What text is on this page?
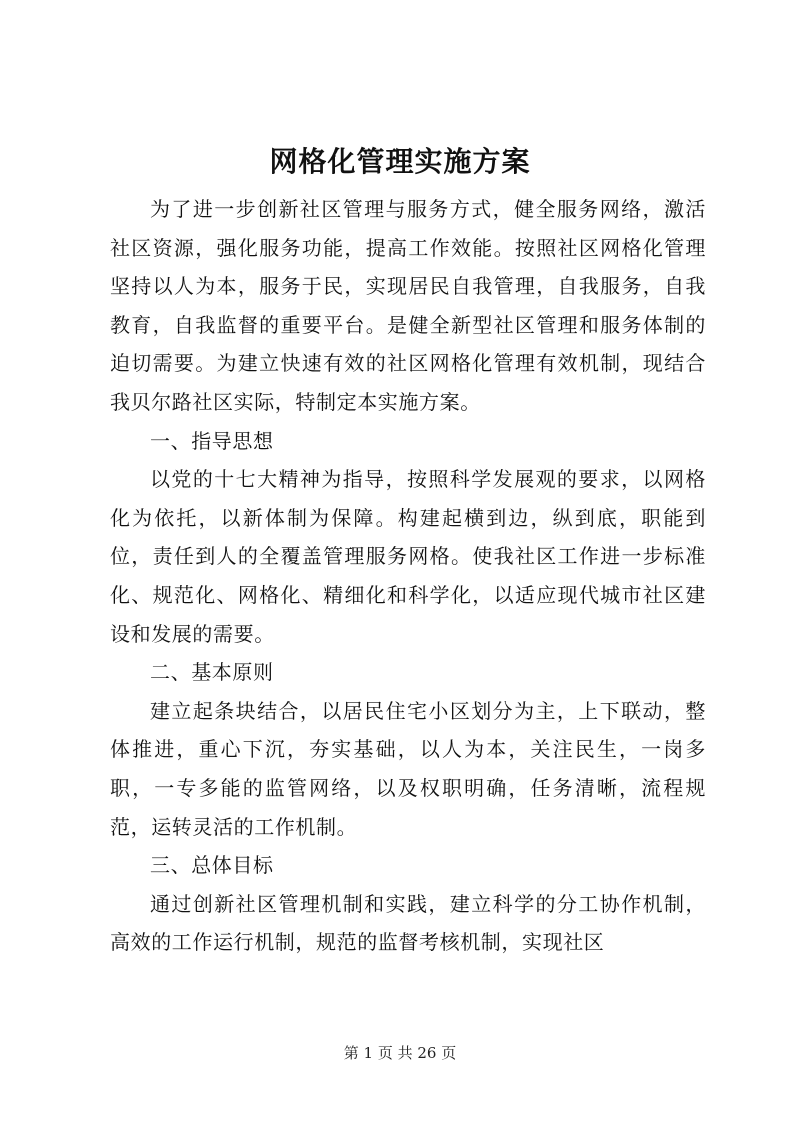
网格化管理实施方案

为了进一步创新社区管理与服务方式，健全服务网络，激活社区资源，强化服务功能，提高工作效能。按照社区网格化管理坚持以人为本，服务于民，实现居民自我管理，自我服务，自我教育，自我监督的重要平台。是健全新型社区管理和服务体制的迫切需要。为建立快速有效的社区网格化管理有效机制，现结合我贝尔路社区实际，特制定本实施方案。

一、指导思想

以党的十七大精神为指导，按照科学发展观的要求，以网格化为依托，以新体制为保障。构建起横到边，纵到底，职能到位，责任到人的全覆盖管理服务网格。使我社区工作进一步标准化、规范化、网格化、精细化和科学化，以适应现代城市社区建设和发展的需要。

二、基本原则

建立起条块结合，以居民住宅小区划分为主，上下联动，整体推进，重心下沉，夯实基础，以人为本，关注民生，一岗多职，一专多能的监管网络，以及权职明确，任务清晰，流程规范，运转灵活的工作机制。

三、总体目标

通过创新社区管理机制和实践，建立科学的分工协作机制，高效的工作运行机制，规范的监督考核机制，实现社区

第 1 页 共 26 页
